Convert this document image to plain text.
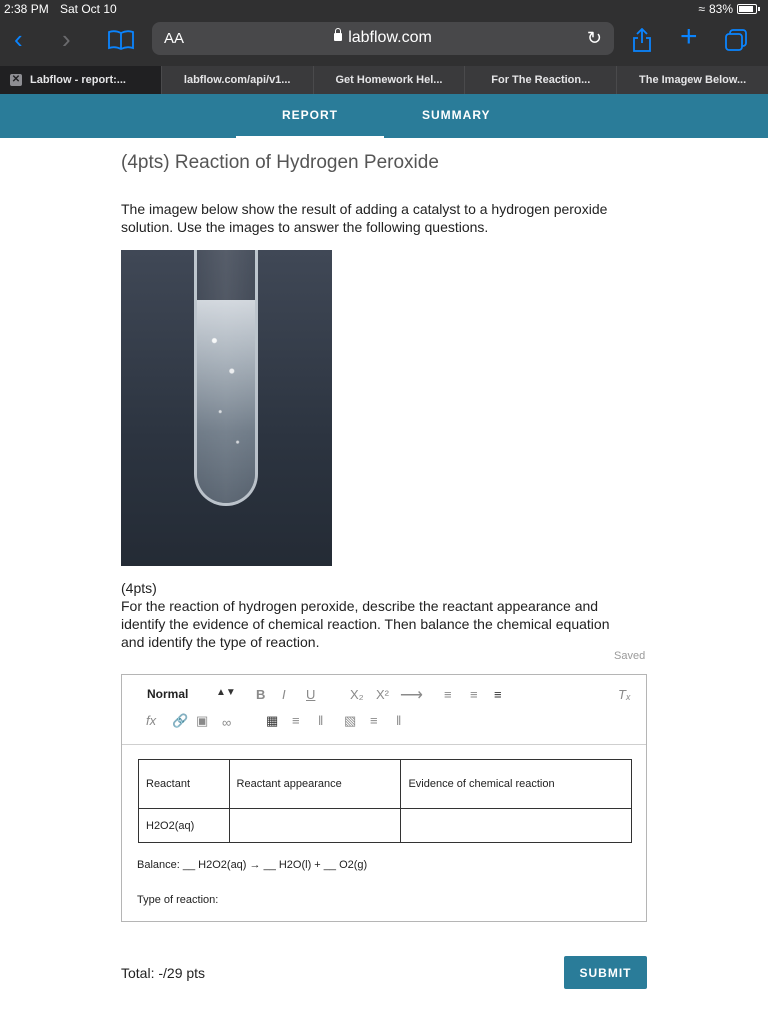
2:38 PM Sat Oct 10	≈ 83%
‹ ›	labflow.com	↻
AA	+
✕ Labflow - report:...	labflow.com/api/v1...	Get Homework Hel...	For The Reaction...	The Imagew Below...
REPORT	SUMMARY
(4pts) Reaction of Hydrogen Peroxide
The imagew below show the result of adding a catalyst to a hydrogen peroxide solution. Use the images to answer the following questions.
(4pts)
For the reaction of hydrogen peroxide, describe the reactant appearance and identify the evidence of chemical reaction. Then balance the chemical equation and identify the type of reaction.
Saved
Normal	▲▼ B I U	X₂ X² ⟶ ≡ ≡ ≡	Tₓ
fx 🔗 ▣ ∞	▦ ≡ ‖ ▧ ≡ ‖
Reactant	Reactant appearance	Evidence of chemical reaction
H2O2(aq)		
Balance: __ H2O2(aq) → __ H2O(l) + __ O2(g)
Type of reaction:
Total: -/29 pts	SUBMIT
